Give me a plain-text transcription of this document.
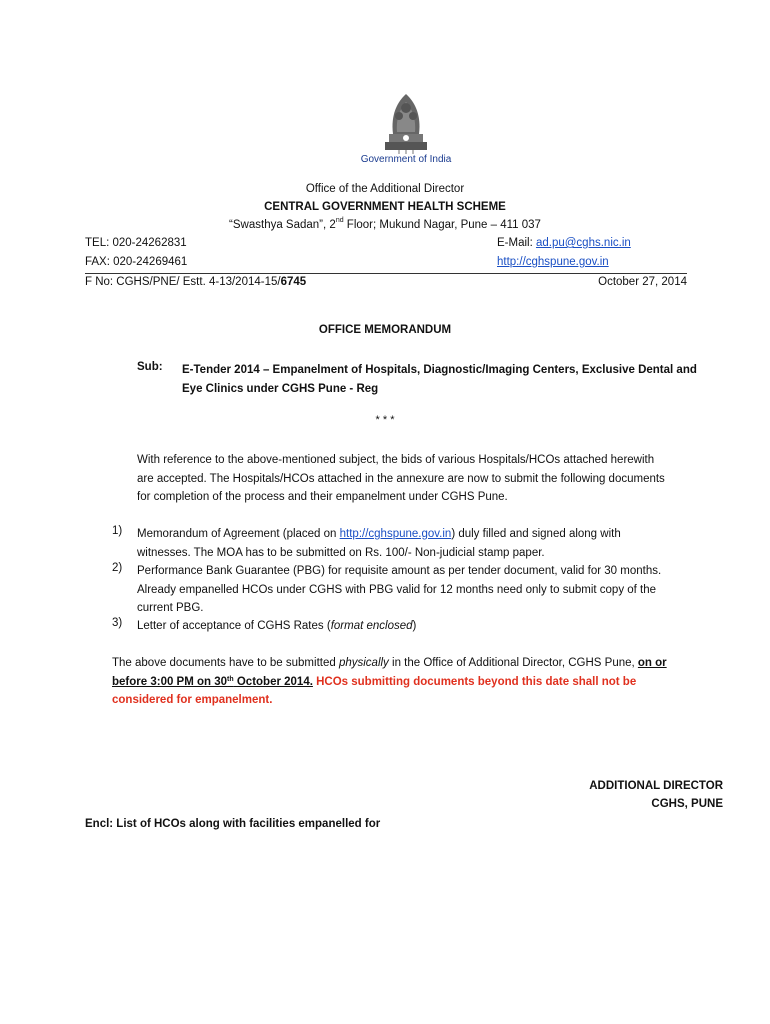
Government of India
Office of the Additional Director
CENTRAL GOVERNMENT HEALTH SCHEME
“Swasthya Sadan”, 2nd Floor; Mukund Nagar, Pune – 411 037
TEL: 020-24262831	E-Mail: ad.pu@cghs.nic.in
FAX: 020-24269461	http://cghspune.gov.in
F No: CGHS/PNE/ Estt. 4-13/2014-15/6745	October 27, 2014
OFFICE MEMORANDUM
Sub: E-Tender 2014 – Empanelment of Hospitals, Diagnostic/Imaging Centers, Exclusive Dental and
Eye Clinics under CGHS Pune - Reg
* * *
With reference to the above-mentioned subject, the bids of various Hospitals/HCOs attached herewith
are accepted. The Hospitals/HCOs attached in the annexure are now to submit the following documents
for completion of the process and their empanelment under CGHS Pune.
1) Memorandum of Agreement (placed on http://cghspune.gov.in) duly filled and signed along with
witnesses. The MOA has to be submitted on Rs. 100/- Non-judicial stamp paper.
2) Performance Bank Guarantee (PBG) for requisite amount as per tender document, valid for 30 months.
Already empanelled HCOs under CGHS with PBG valid for 12 months need only to submit copy of the
current PBG.
3) Letter of acceptance of CGHS Rates (format enclosed)
The above documents have to be submitted physically in the Office of Additional Director, CGHS Pune, on or
before 3:00 PM on 30th October 2014. HCOs submitting documents beyond this date shall not be
considered for empanelment.
ADDITIONAL DIRECTOR
CGHS, PUNE
Encl: List of HCOs along with facilities empanelled for
